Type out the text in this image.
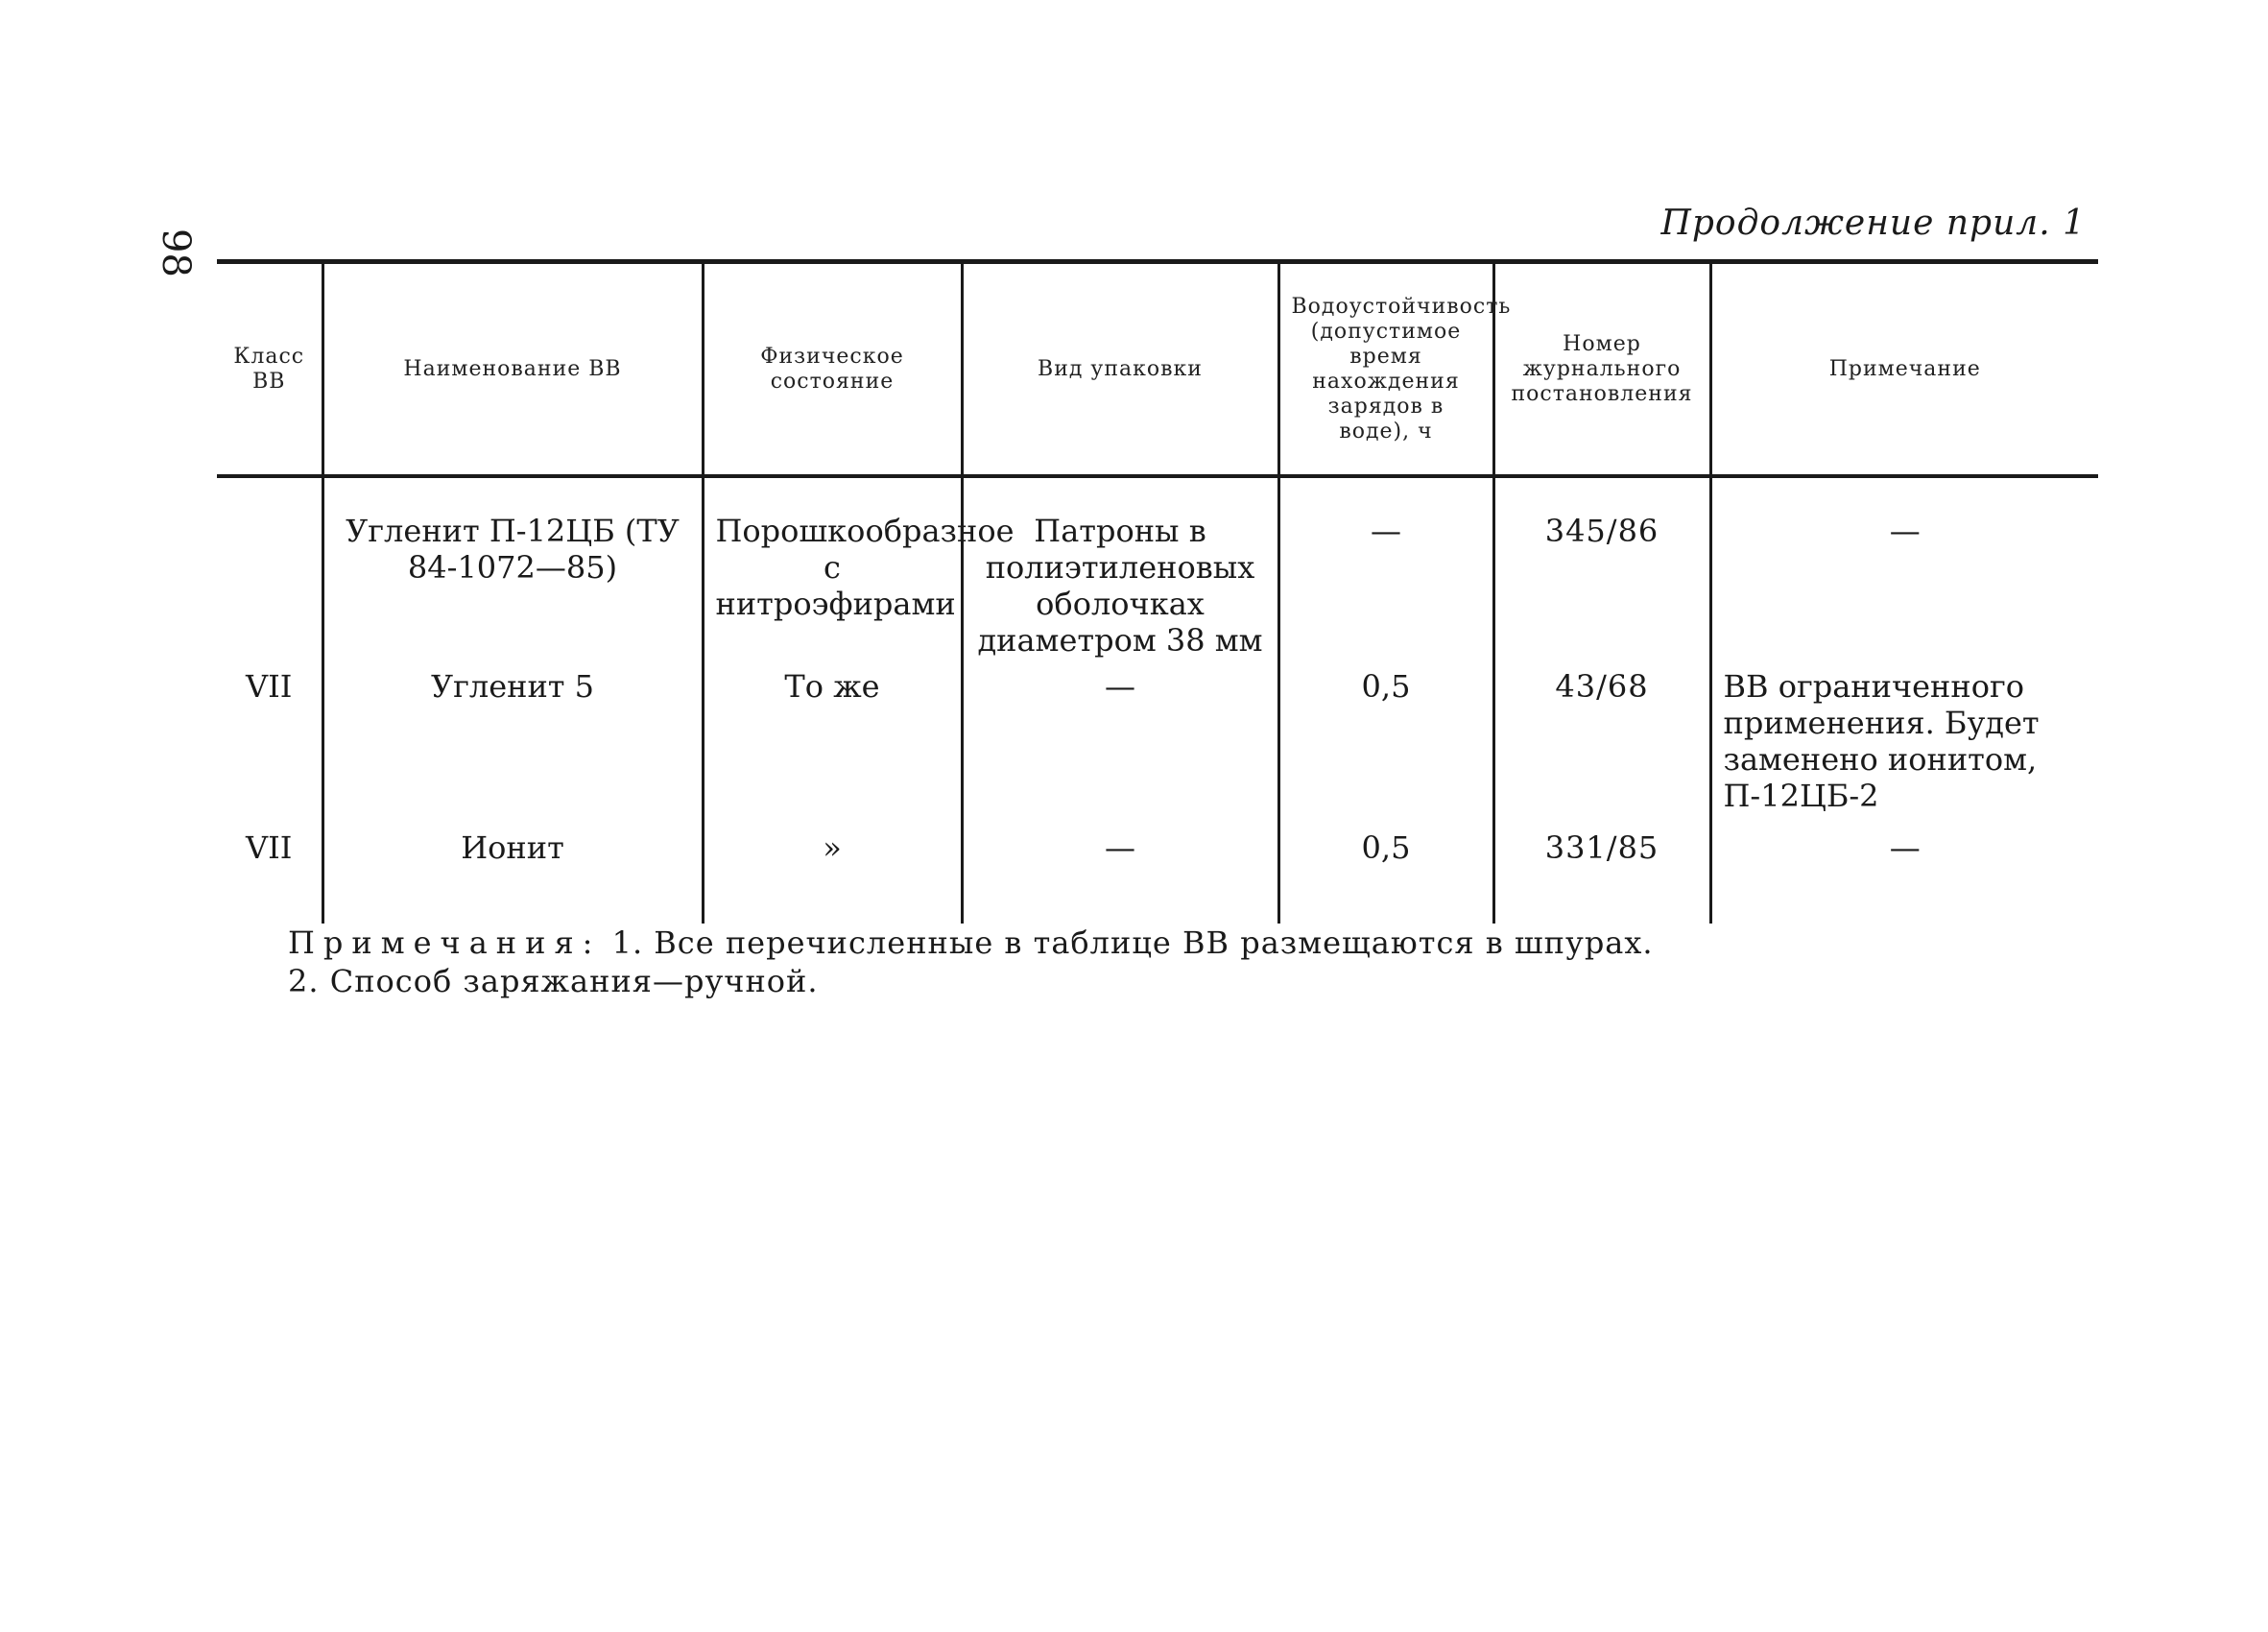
98
Продолжение прил. 1
Класс ВВ	Наименование ВВ	Физическое состояние	Вид упаковки	Водоустойчивость (допустимое время нахождения зарядов в воде), ч	Номер журнального постановления	Примечание
	Угленит П-12ЦБ (ТУ 84-1072—85)	Порошкообразное с нитроэфирами	Патроны в полиэтиленовых оболочках диаметром 38 мм	—	345/86	—
VII	Угленит 5	То же	—	0,5	43/68	ВВ ограниченного применения. Будет заменено ионитом, П-12ЦБ-2
VII	Ионит	»	—	0,5	331/85	—
Примечания: 1. Все перечисленные в таблице ВВ размещаются в шпурах.
2. Способ заряжания—ручной.
